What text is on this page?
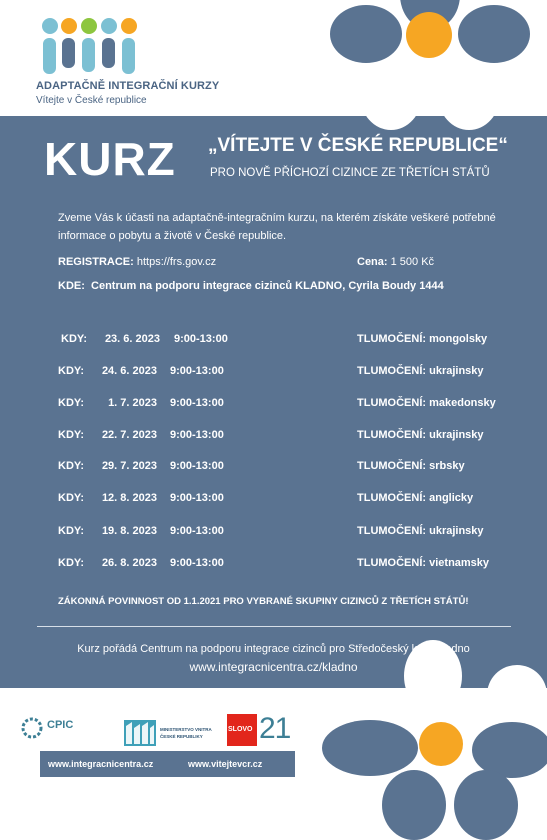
ADAPTAČNĚ INTEGRAČNÍ KURZY
Vítejte v České republice
KURZ „VÍTEJTE V ČESKÉ REPUBLICE“
PRO NOVĚ PŘÍCHOZÍ CIZINCE ZE TŘETÍCH STÁTŮ
Zveme Vás k účasti na adaptačně-integračním kurzu, na kterém získáte veškeré potřebné informace o pobytu a životě v České republice.
REGISTRACE: https://frs.gov.cz	Cena: 1 500 Kč
KDE: Centrum na podporu integrace cizinců KLADNO, Cyrila Boudy 1444
KDY:	23. 6. 2023 9:00-13:00	TLUMOČENÍ: mongolsky
KDY:	24. 6. 2023 9:00-13:00	TLUMOČENÍ: ukrajinsky
KDY:	1. 7. 2023 9:00-13:00	TLUMOČENÍ: makedonsky
KDY:	22. 7. 2023 9:00-13:00	TLUMOČENÍ: ukrajinsky
KDY:	29. 7. 2023 9:00-13:00	TLUMOČENÍ: srbsky
KDY:	12. 8. 2023 9:00-13:00	TLUMOČENÍ: anglicky
KDY:	19. 8. 2023 9:00-13:00	TLUMOČENÍ: ukrajinsky
KDY:	26. 8. 2023 9:00-13:00	TLUMOČENÍ: vietnamsky
ZÁKONNÁ POVINNOST OD 1.1.2021 PRO VYBRANÉ SKUPINY CIZINCŮ Z TŘETÍCH STÁTŮ!
Kurz pořádá Centrum na podporu integrace cizinců pro Středočeský kraj, Kladno
www.integracnicentra.cz/kladno
CPIC	MINISTERSTVO VNITRA
ČESKÉ REPUBLIKY
SLOVO 21
www.integracnicentra.cz	www.vitejtevcr.cz
